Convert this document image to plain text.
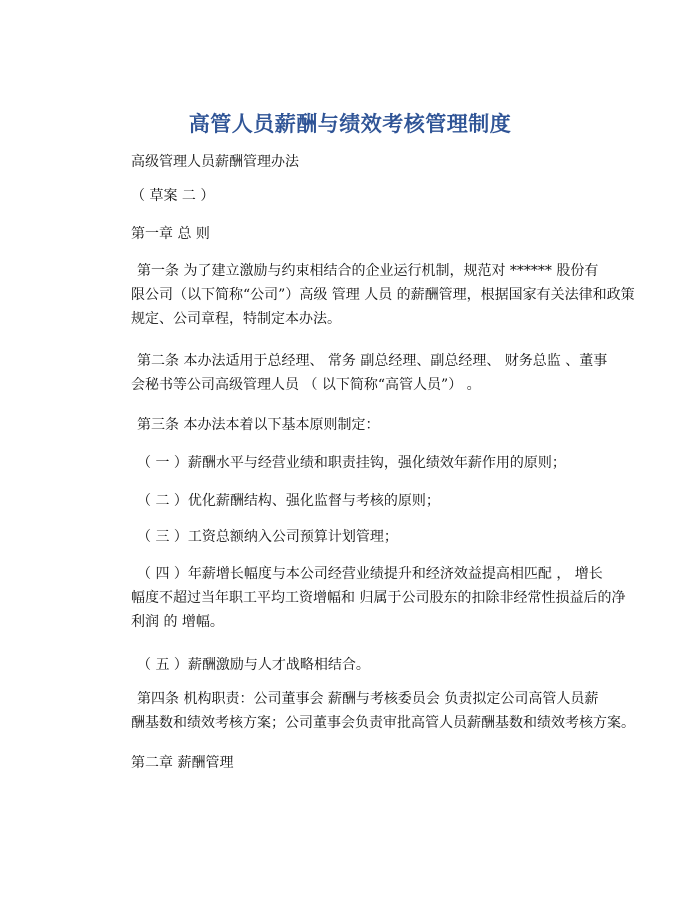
高管人员薪酬与绩效考核管理制度

高级管理人员薪酬管理办法

（ 草案 二 ）

第一章 总 则

第一条 为了建立激励与约束相结合的企业运行机制，规范对 ****** 股份有
限公司（以下简称“公司”）高级 管理 人员 的薪酬管理，根据国家有关法律和政策
规定、公司章程，特制定本办法。
第二条 本办法适用于总经理、 常务 副总经理、副总经理、 财务总监 、董事
会秘书等公司高级管理人员 （ 以下简称“高管人员”） 。

第三条 本办法本着以下基本原则制定：

（ 一 ）薪酬水平与经营业绩和职责挂钩，强化绩效年薪作用的原则；

（ 二 ）优化薪酬结构、强化监督与考核的原则；

（ 三 ）工资总额纳入公司预算计划管理；

（ 四 ）年薪增长幅度与本公司经营业绩提升和经济效益提高相匹配 ， 增长
幅度不超过当年职工平均工资增幅和 归属于公司股东的扣除非经常性损益后的净
利润 的 增幅。

（ 五 ）薪酬激励与人才战略相结合。

第四条 机构职责：公司董事会 薪酬与考核委员会 负责拟定公司高管人员薪
酬基数和绩效考核方案；公司董事会负责审批高管人员薪酬基数和绩效考核方案。

第二章 薪酬管理
